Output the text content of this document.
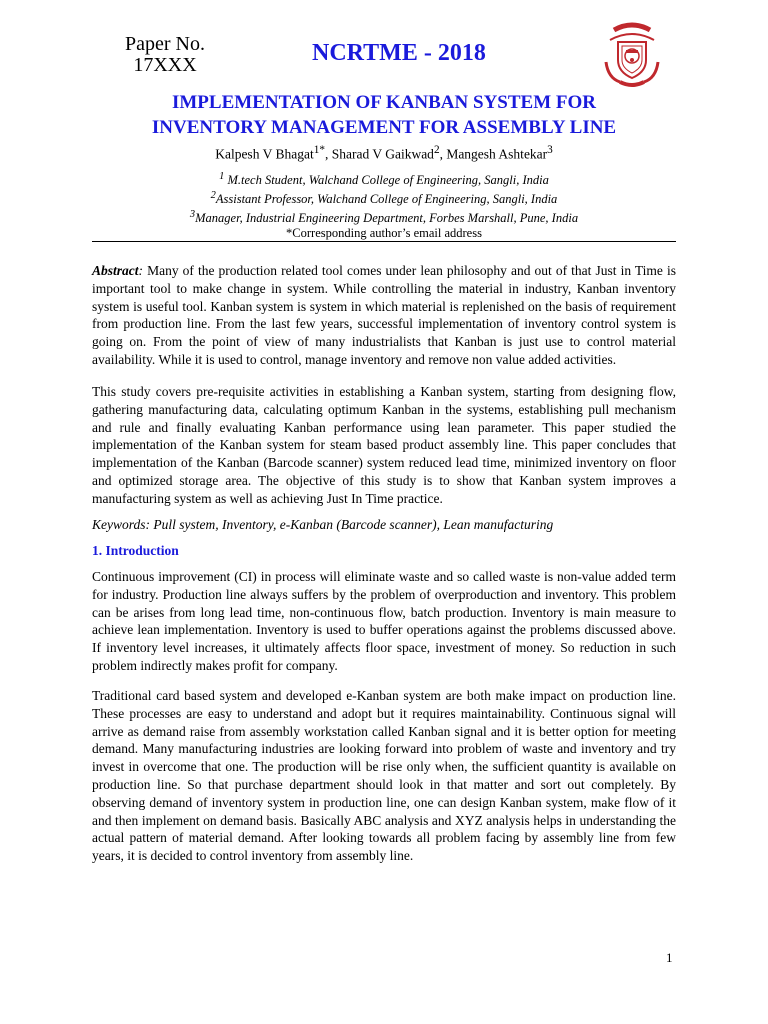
Paper No.
17XXX	NCRTME - 2018
IMPLEMENTATION OF KANBAN SYSTEM FOR
INVENTORY MANAGEMENT FOR ASSEMBLY LINE
Kalpesh V Bhagat$^{1*}$, Sharad V Gaikwad$^2$, Mangesh Ashtekar$^3$
$^1$ M.tech Student, Walchand College of Engineering, Sangli, India
$^2$Assistant Professor, Walchand College of Engineering, Sangli, India
$^3$Manager, Industrial Engineering Department, Forbes Marshall, Pune, India
*Corresponding author’s email address

Abstract: Many of the production related tool comes under lean philosophy and out of that Just in Time is important tool to make change in system. While controlling the material in industry, Kanban inventory system is useful tool. Kanban system is system in which material is replenished on the basis of requirement from production line. From the last few years, successful implementation of inventory control system is going on. From the point of view of many industrialists that Kanban is just use to control material availability. While it is used to control, manage inventory and remove non value added activities.

This study covers pre-requisite activities in establishing a Kanban system, starting from designing flow, gathering manufacturing data, calculating optimum Kanban in the systems, establishing pull mechanism and rule and finally evaluating Kanban performance using lean parameter. This paper studied the implementation of the Kanban system for steam based product assembly line. This paper concludes that implementation of the Kanban (Barcode scanner) system reduced lead time, minimized inventory on floor and optimized storage area. The objective of this study is to show that Kanban system improves a manufacturing system as well as achieving Just In Time practice.

Keywords: Pull system, Inventory, e-Kanban (Barcode scanner), Lean manufacturing

1. Introduction

Continuous improvement (CI) in process will eliminate waste and so called waste is non-value added term for industry. Production line always suffers by the problem of overproduction and inventory. This problem can be arises from long lead time, non-continuous flow, batch production. Inventory is main measure to achieve lean implementation. Inventory is used to buffer operations against the problems discussed above. If inventory level increases, it ultimately affects floor space, investment of money. So reduction in such problem indirectly makes profit for company.

Traditional card based system and developed e-Kanban system are both make impact on production line. These processes are easy to understand and adopt but it requires maintainability. Continuous signal will arrive as demand raise from assembly workstation called Kanban signal and it is better option for meeting demand. Many manufacturing industries are looking forward into problem of waste and inventory and try invest in overcome that one. The production will be rise only when, the sufficient quantity is available on production line. So that purchase department should look in that matter and sort out completely. By observing demand of inventory system in production line, one can design Kanban system, make flow of it and then implement on demand basis. Basically ABC analysis and XYZ analysis helps in understanding the actual pattern of material demand. After looking towards all problem facing by assembly line from few years, it is decided to control inventory from assembly line.

1
